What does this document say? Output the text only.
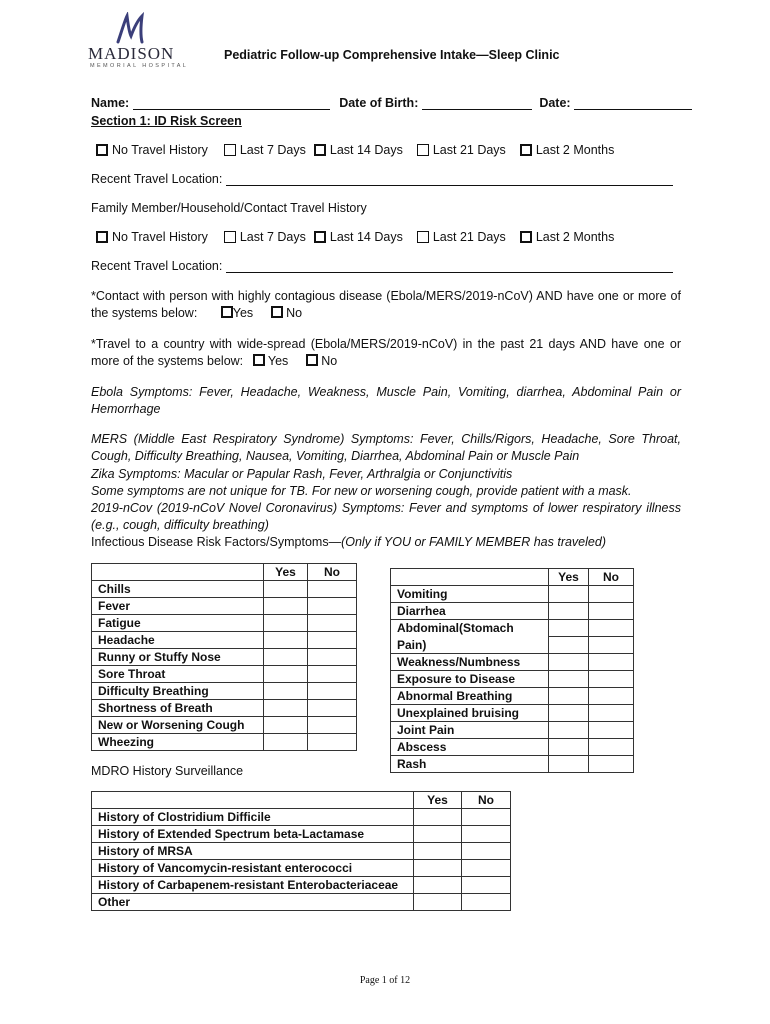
MADISON
MEMORIAL HOSPITAL
Pediatric Follow-up Comprehensive Intake—Sleep Clinic
Name:	Date of Birth:	Date:
Section 1: ID Risk Screen
No Travel History	Last 7 Days Last 14 Days Last 21 Days Last 2 Months
Recent Travel Location:
Family Member/Household/Contact Travel History
No Travel History	Last 7 Days Last 14 Days Last 21 Days Last 2 Months
Recent Travel Location:
*Contact with person with highly contagious disease (Ebola/MERS/2019-nCoV) AND have one or more of the systems below:	Yes	No
*Travel to a country with wide-spread (Ebola/MERS/2019-nCoV) in the past 21 days AND have one or more of the systems below: Yes	No
Ebola Symptoms: Fever, Headache, Weakness, Muscle Pain, Vomiting, diarrhea, Abdominal Pain or Hemorrhage
MERS (Middle East Respiratory Syndrome) Symptoms: Fever, Chills/Rigors, Headache, Sore Throat, Cough, Difficulty Breathing, Nausea, Vomiting, Diarrhea, Abdominal Pain or Muscle Pain
Zika Symptoms: Macular or Papular Rash, Fever, Arthralgia or Conjunctivitis
Some symptoms are not unique for TB. For new or worsening cough, provide patient with a mask.
2019-nCov (2019-nCoV Novel Coronavirus) Symptoms: Fever and symptoms of lower respiratory illness (e.g., cough, difficulty breathing)
Infectious Disease Risk Factors/Symptoms—(Only if YOU or FAMILY MEMBER has traveled)
	Yes	No
Chills		
Fever		
Fatigue		
Headache		
Runny or Stuffy Nose		
Sore Throat		
Difficulty Breathing		
Shortness of Breath		
New or Worsening Cough		
Wheezing		
MDRO History Surveillance
	Yes	No
Vomiting		
Diarrhea		
Abdominal(Stomach		
Pain)		
Weakness/Numbness		
Exposure to Disease		
Abnormal Breathing		
Unexplained bruising		
Joint Pain		
Abscess		
Rash		
	Yes	No
History of Clostridium Difficile		
History of Extended Spectrum beta-Lactamase		
History of MRSA		
History of Vancomycin-resistant enterococci		
History of Carbapenem-resistant Enterobacteriaceae		
Other		
Page 1 of 12
